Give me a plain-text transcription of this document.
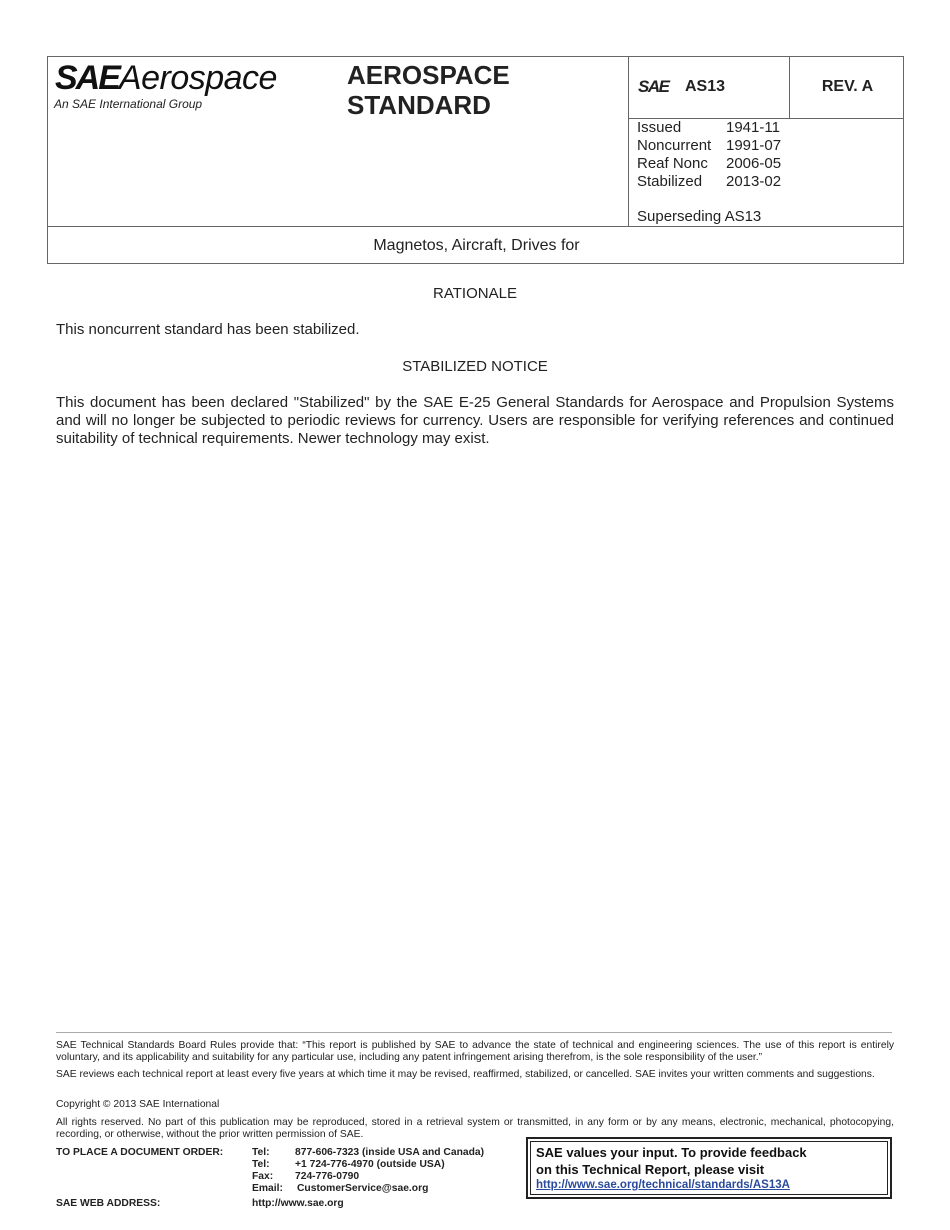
SAEAerospace
An SAE International Group
AEROSPACE
STANDARD
SAE AS13	REV. A
Issued	1941-11
Noncurrent	1991-07
Reaf Nonc	2006-05
Stabilized	2013-02
Superseding AS13
Magnetos, Aircraft, Drives for
RATIONALE
This noncurrent standard has been stabilized.
STABILIZED NOTICE
This document has been declared "Stabilized" by the SAE E-25 General Standards for Aerospace and Propulsion Systems and will no longer be subjected to periodic reviews for currency. Users are responsible for verifying references and continued suitability of technical requirements. Newer technology may exist.
SAE Technical Standards Board Rules provide that: “This report is published by SAE to advance the state of technical and engineering sciences. The use of this report is entirely voluntary, and its applicability and suitability for any particular use, including any patent infringement arising therefrom, is the sole responsibility of the user.”
SAE reviews each technical report at least every five years at which time it may be revised, reaffirmed, stabilized, or cancelled. SAE invites your written comments and suggestions.
Copyright © 2013 SAE International
All rights reserved. No part of this publication may be reproduced, stored in a retrieval system or transmitted, in any form or by any means, electronic, mechanical, photocopying, recording, or otherwise, without the prior written permission of SAE.
TO PLACE A DOCUMENT ORDER:	Tel: 877-606-7323 (inside USA and Canada)
Tel: +1 724-776-4970 (outside USA)
Fax: 724-776-0790
Email: CustomerService@sae.org
SAE WEB ADDRESS:	http://www.sae.org
SAE values your input. To provide feedback
on this Technical Report, please visit
http://www.sae.org/technical/standards/AS13A
